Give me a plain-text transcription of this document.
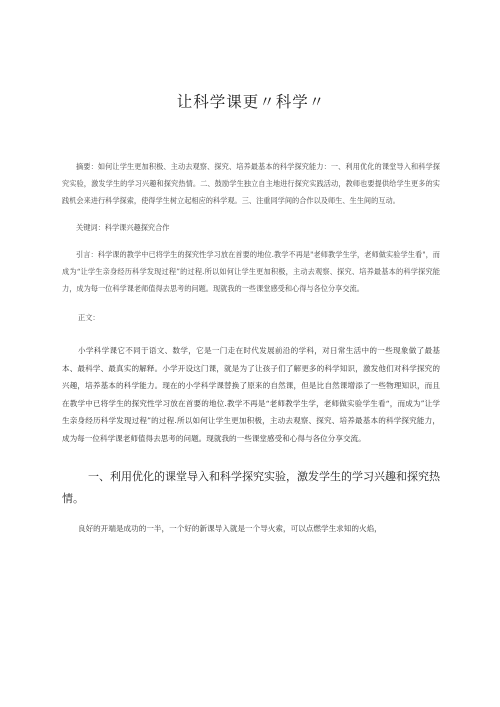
让科学课更〃科学〃

摘要：如何让学生更加积极、主动去观察、探究、培养最基本的科学探究能力：一、利用优化的课堂导入和科学探究实验，激发学生的学习兴趣和探究热情。二、鼓励学生独立自主地进行探究实践活动，教师也要提供给学生更多的实践机会来进行科学探索，使得学生树立起相应的科学观。三、注重同学间的合作以及师生、生生间的互动。

关键词：科学课兴趣探究合作

引言：科学课的教学中已将学生的探究性学习放在首要的地位.教学不再是"老师教学生学，老师做实验学生看"，而成为“让学生亲身经历科学发现过程”的过程.所以如何让学生更加积极，主动去观察、探究、培养最基本的科学探究能力，成为每一位科学课老师值得去思考的问题。现就我的一些课堂感受和心得与各位分享交流。

正文：

小学科学课它不同于语文、数学，它是一门走在时代发展前沿的学科，对日常生活中的一些现象做了最基本、最科学、最真实的解释。小学开设这门课，就是为了让孩子们了解更多的科学知识，激发他们对科学探究的兴趣，培养基本的科学能力。现在的小学科学课替换了原来的自然课，但是比自然课增添了一些物理知识，而且在教学中已将学生的探究性学习放在首要的地位.教学不再是“老师教学生学，老师做实验学生看“，而成为”让学生亲身经历科学发现过程”的过程.所以如何让学生更加积极，主动去观察、探究、培养最基本的科学探究能力，成为每一位科学课老师值得去思考的问题。现就我的一些课堂感受和心得与各位分享交流。

一、利用优化的课堂导入和科学探究实验，激发学生的学习兴趣和探究热情。

良好的开端是成功的一半，一个好的新课导入就是一个导火索，可以点燃学生求知的火焰，
